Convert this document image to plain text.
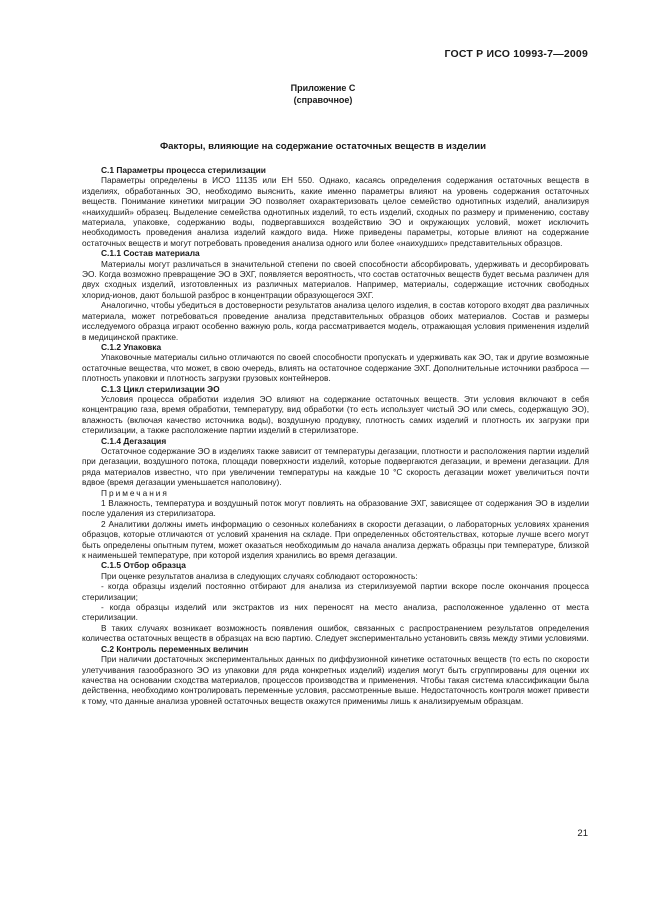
ГОСТ Р ИСО 10993-7—2009
Приложение С
(справочное)
Факторы, влияющие на содержание остаточных веществ в изделии
С.1 Параметры процесса стерилизации

Параметры определены в ИСО 11135 или ЕН 550. Однако, касаясь определения содержания остаточных веществ в изделиях, обработанных ЭО, необходимо выяснить, какие именно параметры влияют на уровень содержания остаточных веществ. Понимание кинетики миграции ЭО позволяет охарактеризовать целое семейство однотипных изделий, анализируя «наихудший» образец. Выделение семейства однотипных изделий, то есть изделий, сходных по размеру и применению, составу материала, упаковке, содержанию воды, подвергавшихся воздействию ЭО и окружающих условий, может исключить необходимость проведения анализа изделий каждого вида. Ниже приведены параметры, которые влияют на содержание остаточных веществ и могут потребовать проведения анализа одного или более «наихудших» представительных образцов.

С.1.1 Состав материала

Материалы могут различаться в значительной степени по своей способности абсорбировать, удерживать и десорбировать ЭО. Когда возможно превращение ЭО в ЭХГ, появляется вероятность, что состав остаточных веществ будет весьма различен для двух сходных изделий, изготовленных из различных материалов. Например, материалы, содержащие источник свободных хлорид-ионов, дают большой разброс в концентрации образующегося ЭХГ.

Аналогично, чтобы убедиться в достоверности результатов анализа целого изделия, в состав которого входят два различных материала, может потребоваться проведение анализа представительных образцов обоих материалов. Состав и размеры исследуемого образца играют особенно важную роль, когда рассматривается модель, отражающая условия применения изделий в медицинской практике.

С.1.2 Упаковка

Упаковочные материалы сильно отличаются по своей способности пропускать и удерживать как ЭО, так и другие возможные остаточные вещества, что может, в свою очередь, влиять на остаточное содержание ЭХГ. Дополнительные источники разброса — плотность упаковки и плотность загрузки грузовых контейнеров.

С.1.3 Цикл стерилизации ЭО

Условия процесса обработки изделия ЭО влияют на содержание остаточных веществ. Эти условия включают в себя концентрацию газа, время обработки, температуру, вид обработки (то есть использует чистый ЭО или смесь, содержащую ЭО), влажность (включая качество источника воды), воздушную продувку, плотность самих изделий и плотность их загрузки при стерилизации, а также расположение партии изделий в стерилизаторе.

С.1.4 Дегазация

Остаточное содержание ЭО в изделиях также зависит от температуры дегазации, плотности и расположения партии изделий при дегазации, воздушного потока, площади поверхности изделий, которые подвергаются дегазации, и времени дегазации. Для ряда материалов известно, что при увеличении температуры на каждые 10 °С скорость дегазации может увеличиться почти вдвое (время дегазации уменьшается наполовину).

Примечания

1 Влажность, температура и воздушный поток могут повлиять на образование ЭХГ, зависящее от содержания ЭО в изделии после удаления из стерилизатора.

2 Аналитики должны иметь информацию о сезонных колебаниях в скорости дегазации, о лабораторных условиях хранения образцов, которые отличаются от условий хранения на складе. При определенных обстоятельствах, которые лучше всего могут быть определены опытным путем, может оказаться необходимым до начала анализа держать образцы при температуре, близкой к наименьшей температуре, при которой изделия хранились во время дегазации.

С.1.5 Отбор образца

При оценке результатов анализа в следующих случаях соблюдают осторожность:

- когда образцы изделий постоянно отбирают для анализа из стерилизуемой партии вскоре после окончания процесса стерилизации;

- когда образцы изделий или экстрактов из них переносят на место анализа, расположенное удаленно от места стерилизации.

В таких случаях возникает возможность появления ошибок, связанных с распространением результатов определения количества остаточных веществ в образцах на всю партию. Следует экспериментально установить связь между этими условиями.

С.2 Контроль переменных величин

При наличии достаточных экспериментальных данных по диффузионной кинетике остаточных веществ (то есть по скорости улетучивания газообразного ЭО из упаковки для ряда конкретных изделий) изделия могут быть сгруппированы для оценки их качества на основании сходства материалов, процессов производства и применения. Чтобы такая система классификации была действенна, необходимо контролировать переменные условия, рассмотренные выше. Недостаточность контроля может привести к тому, что данные анализа уровней остаточных веществ окажутся применимы лишь к анализируемым образцам.

21
